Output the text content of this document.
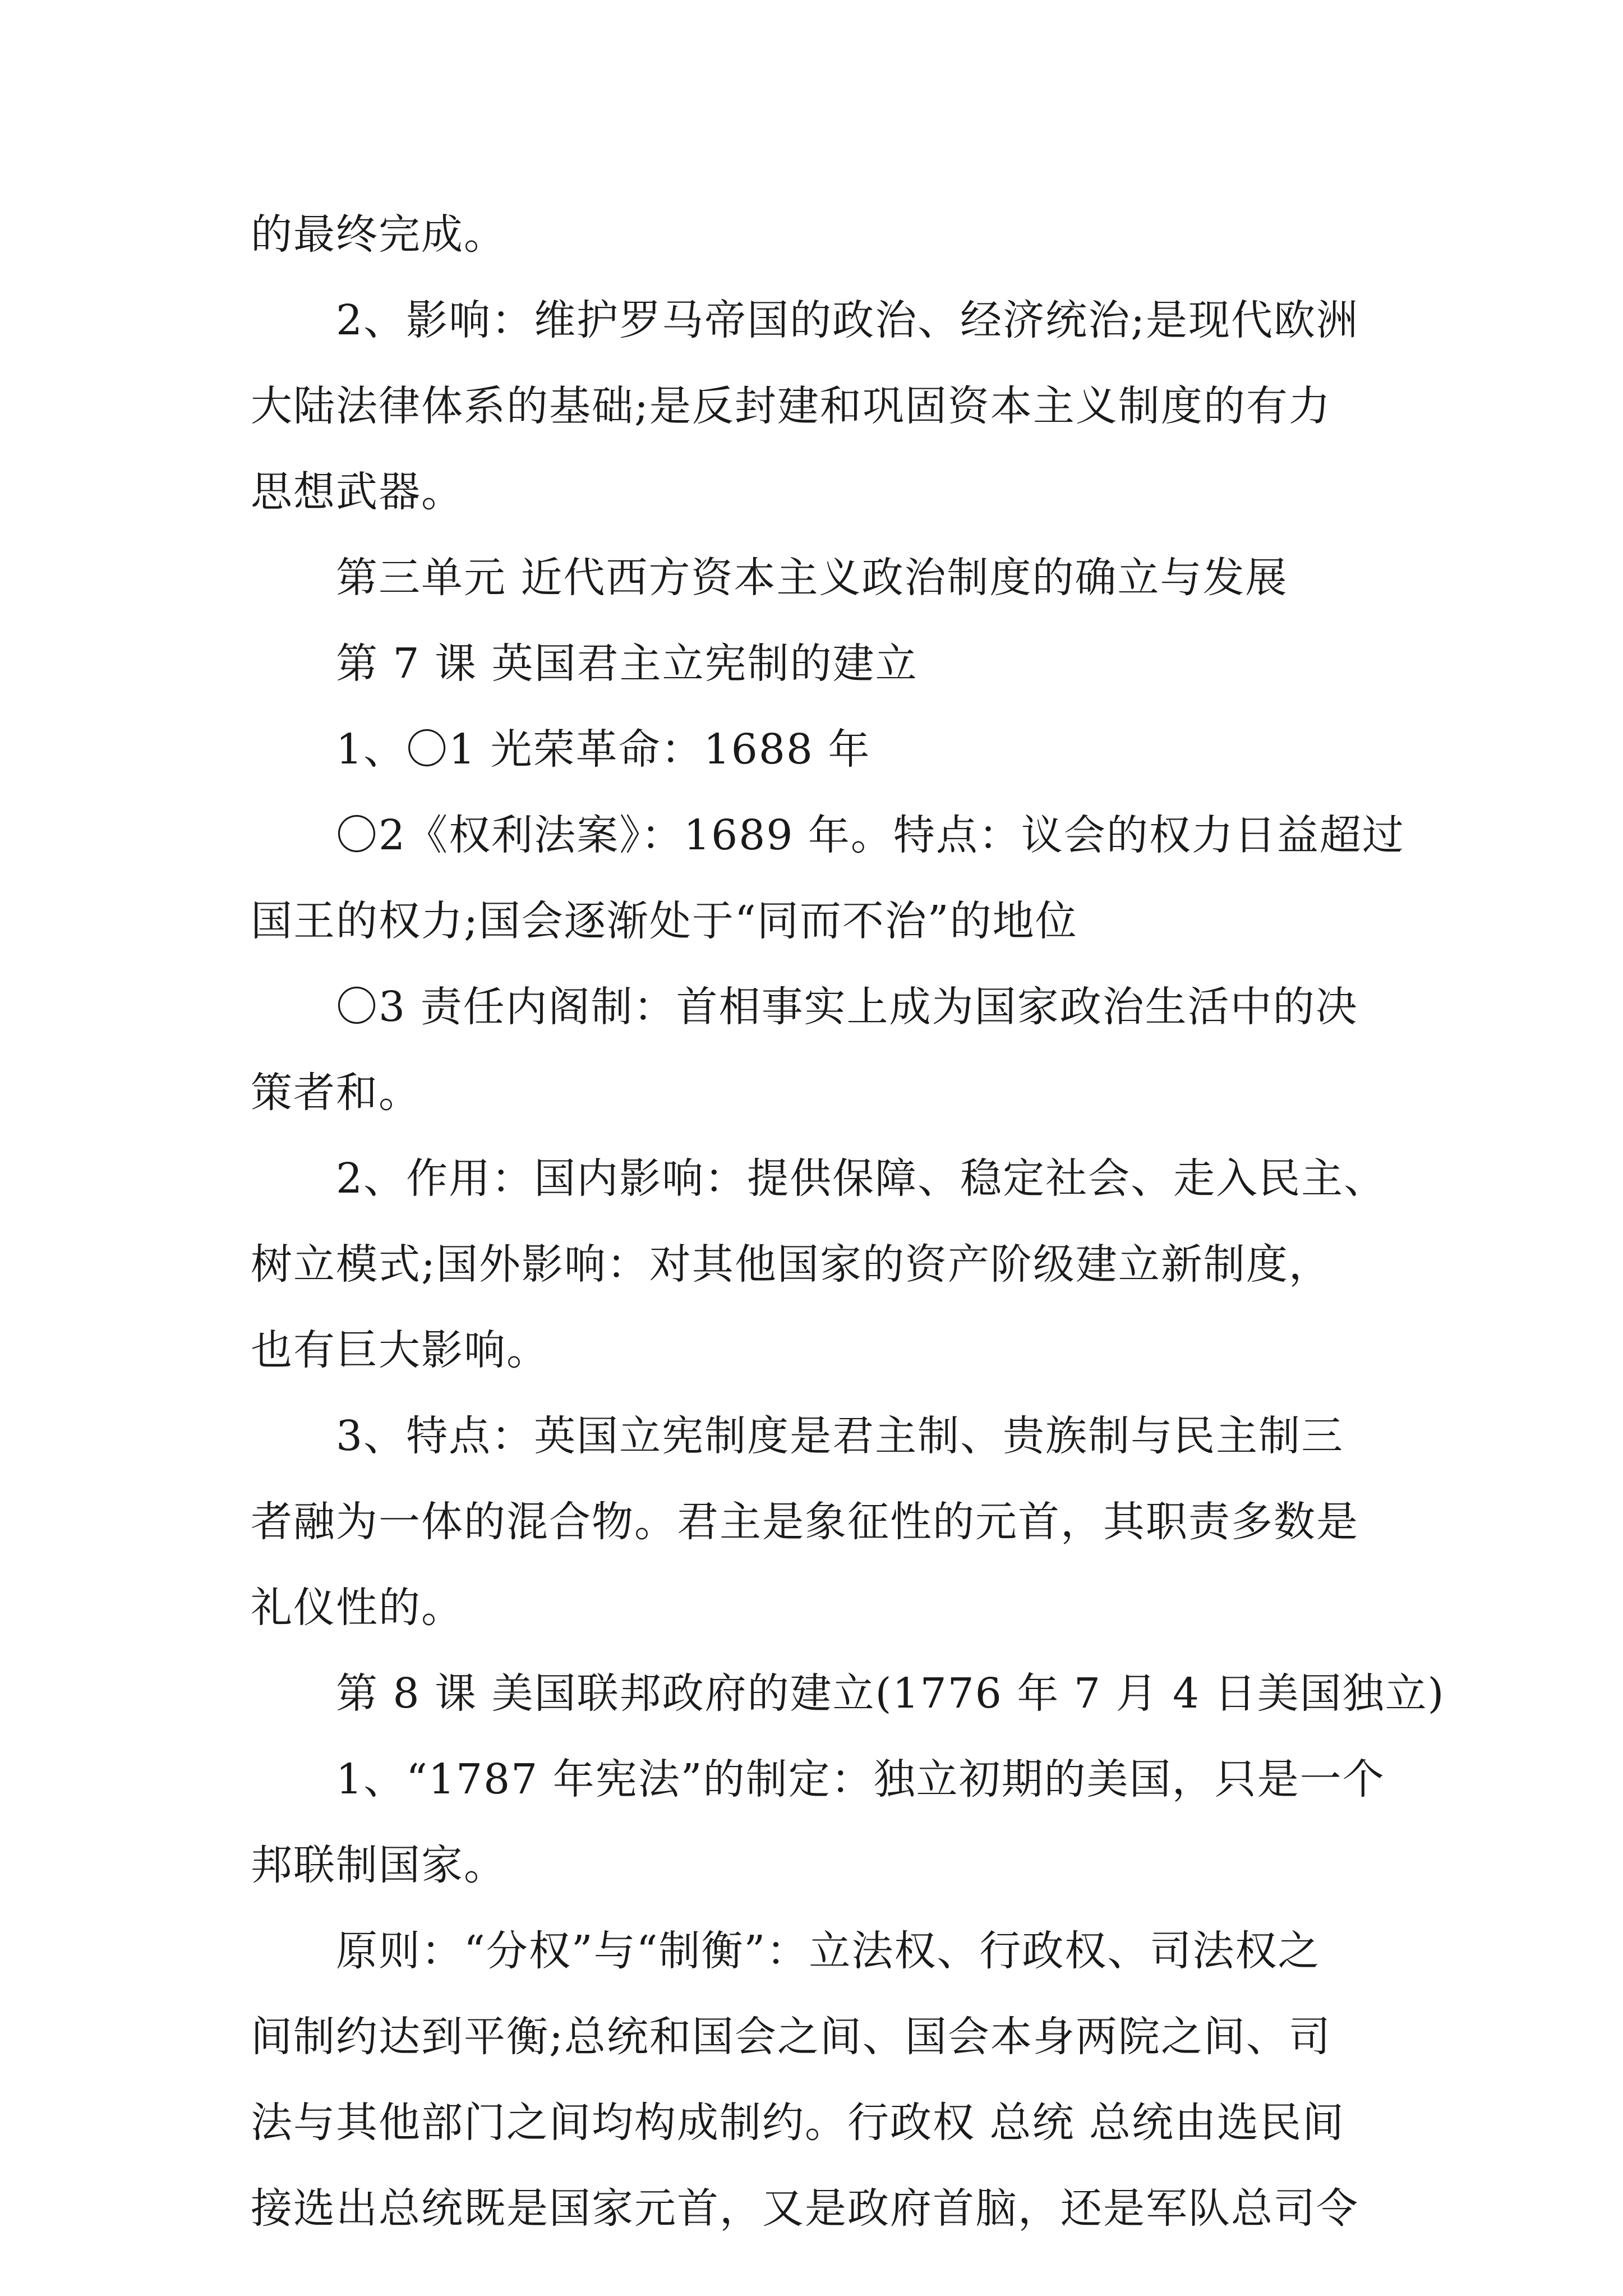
的最终完成。
2、影响：维护罗马帝国的政治、经济统治;是现代欧洲
大陆法律体系的基础;是反封建和巩固资本主义制度的有力
思想武器。
第三单元 近代西方资本主义政治制度的确立与发展
第 7 课 英国君主立宪制的建立
1、〇1 光荣革命：1688 年
〇2《权利法案》：1689 年。特点：议会的权力日益超过
国王的权力;国会逐渐处于“同而不治”的地位
〇3 责任内阁制：首相事实上成为国家政治生活中的决
策者和。
2、作用：国内影响：提供保障、稳定社会、走入民主、
树立模式;国外影响：对其他国家的资产阶级建立新制度，
也有巨大影响。
3、特点：英国立宪制度是君主制、贵族制与民主制三
者融为一体的混合物。君主是象征性的元首，其职责多数是
礼仪性的。
第 8 课 美国联邦政府的建立(1776 年 7 月 4 日美国独立)
1、“1787 年宪法”的制定：独立初期的美国，只是一个
邦联制国家。
原则：“分权”与“制衡”：立法权、行政权、司法权之
间制约达到平衡;总统和国会之间、国会本身两院之间、司
法与其他部门之间均构成制约。行政权 总统 总统由选民间
接选出总统既是国家元首，又是政府首脑，还是军队总司令
